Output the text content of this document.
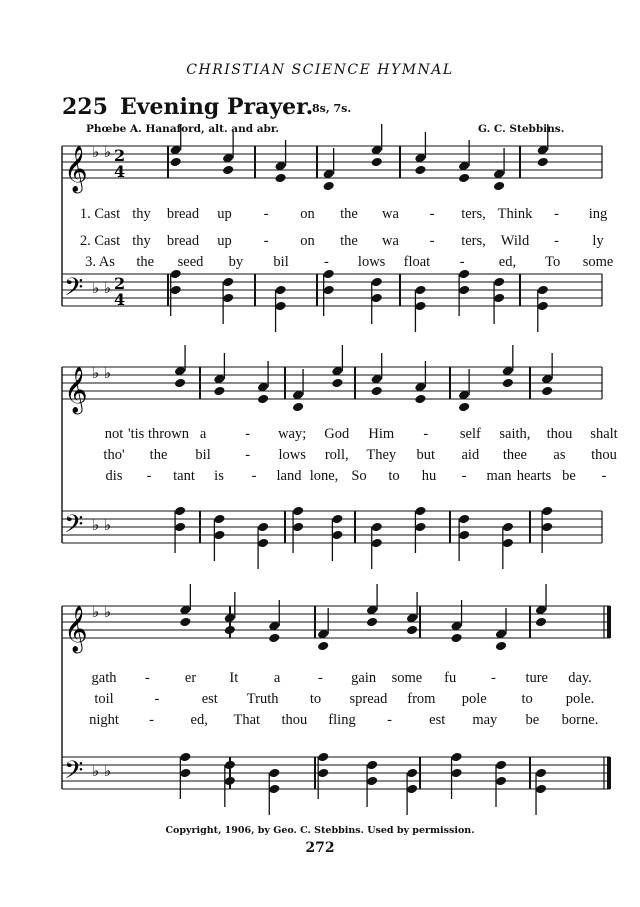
CHRISTIAN SCIENCE HYMNAL
225 Evening Prayer.
8s, 7s.
Phœbe A. Hanaford, alt. and abr.	G. C. Stebbins.
𝄞 ♭ ♭ 2
4
𝄢 ♭ ♭ 2
4
𝄞 ♭ ♭
𝄢 ♭ ♭
𝄞 ♭ ♭
𝄢 ♭ ♭
1. Cast thy bread up - on the wa - ters, Think - ing
2. Cast thy bread up - on the wa - ters, Wild - ly
3. As the seed by bil - lows float - ed, To some
not 'tis thrown a	- way; God Him - self saith, thou shalt
tho' the bil - lows roll, They but aid thee as thou
dis - tant is - land lone, So to hu - man hearts be -
gath - er It a	- gain some fu - ture day.
toil	-	est Truth to spread from pole to pole.
night -	ed, That thou fling -	est may be borne.
Copyright, 1906, by Geo. C. Stebbins. Used by permission.
272
